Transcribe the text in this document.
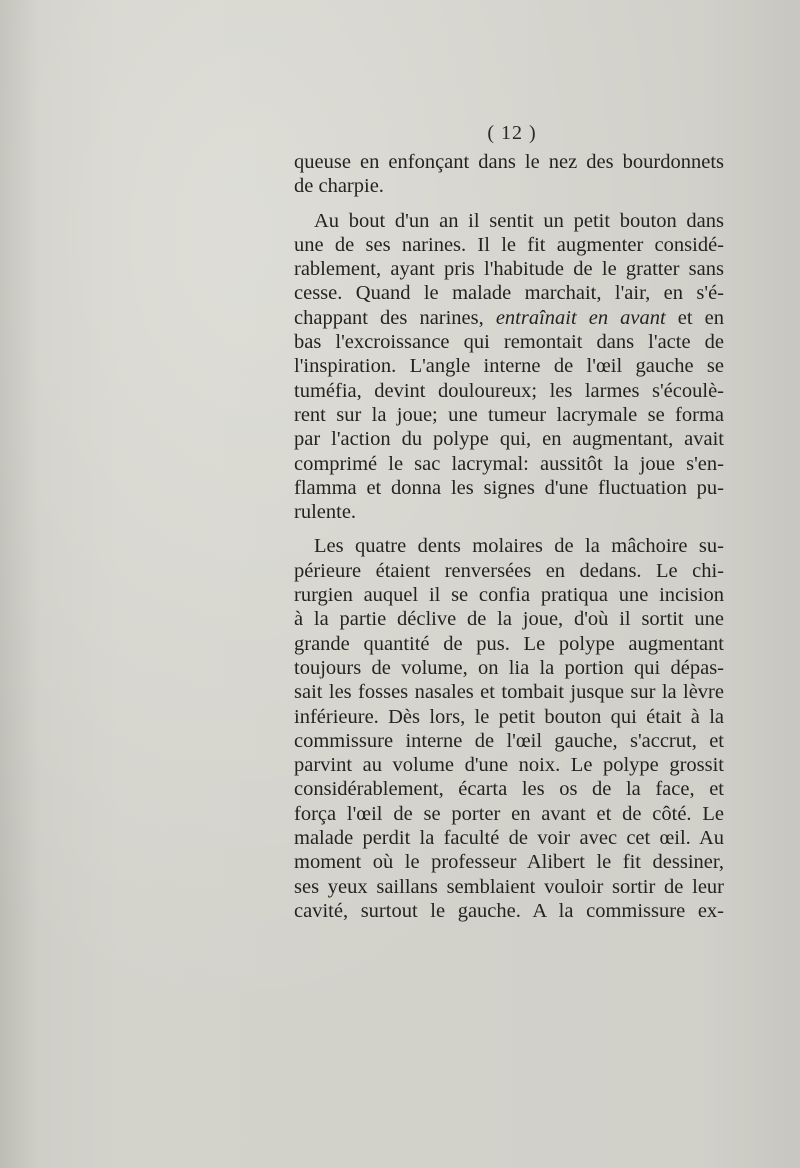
( 12 )
queuse en enfonçant dans le nez des bourdonnets
de charpie.
Au bout d'un an il sentit un petit bouton dans
une de ses narines. Il le fit augmenter considé-
rablement, ayant pris l'habitude de le gratter sans
cesse. Quand le malade marchait, l'air, en s'é-
chappant des narines, entraînait en avant et en
bas l'excroissance qui remontait dans l'acte de
l'inspiration. L'angle interne de l'œil gauche se
tuméfia, devint douloureux; les larmes s'écoulè-
rent sur la joue; une tumeur lacrymale se forma
par l'action du polype qui, en augmentant, avait
comprimé le sac lacrymal: aussitôt la joue s'en-
flamma et donna les signes d'une fluctuation pu-
rulente.
Les quatre dents molaires de la mâchoire su-
périeure étaient renversées en dedans. Le chi-
rurgien auquel il se confia pratiqua une incision
à la partie déclive de la joue, d'où il sortit une
grande quantité de pus. Le polype augmentant
toujours de volume, on lia la portion qui dépas-
sait les fosses nasales et tombait jusque sur la lèvre
inférieure. Dès lors, le petit bouton qui était à la
commissure interne de l'œil gauche, s'accrut, et
parvint au volume d'une noix. Le polype grossit
considérablement, écarta les os de la face, et
força l'œil de se porter en avant et de côté. Le
malade perdit la faculté de voir avec cet œil. Au
moment où le professeur Alibert le fit dessiner,
ses yeux saillans semblaient vouloir sortir de leur
cavité, surtout le gauche. A la commissure ex-
